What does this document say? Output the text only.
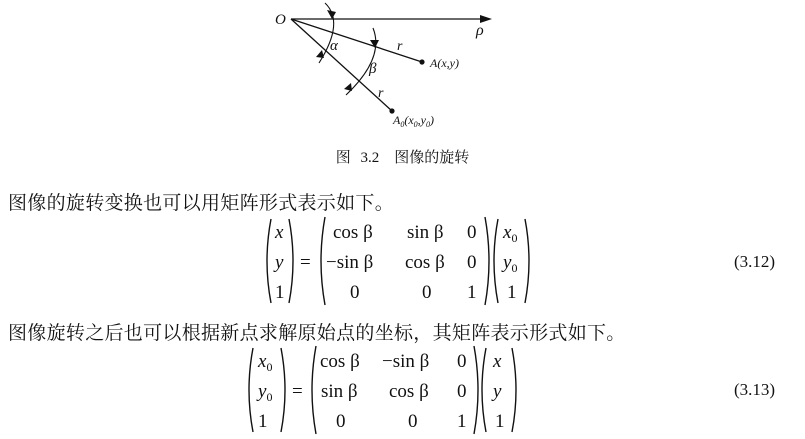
O
ρ
α
β
r
r
A(x,y)
$A_0(x_0,y_0)$
图 3.2　图像的旋转
图像的旋转变换也可以用矩阵形式表示如下。
x
y
1
=
cos β sin β 0
−sin β cos β 0
0	0 1
$x_0$
$y_0$
1
(3.12)
图像旋转之后也可以根据新点求解原始点的坐标，其矩阵表示形式如下。
$x_0$
$y_0$
1
=
cos β −sin β 0
sin β cos β 0
0	0 1
x
y
1
(3.13)
